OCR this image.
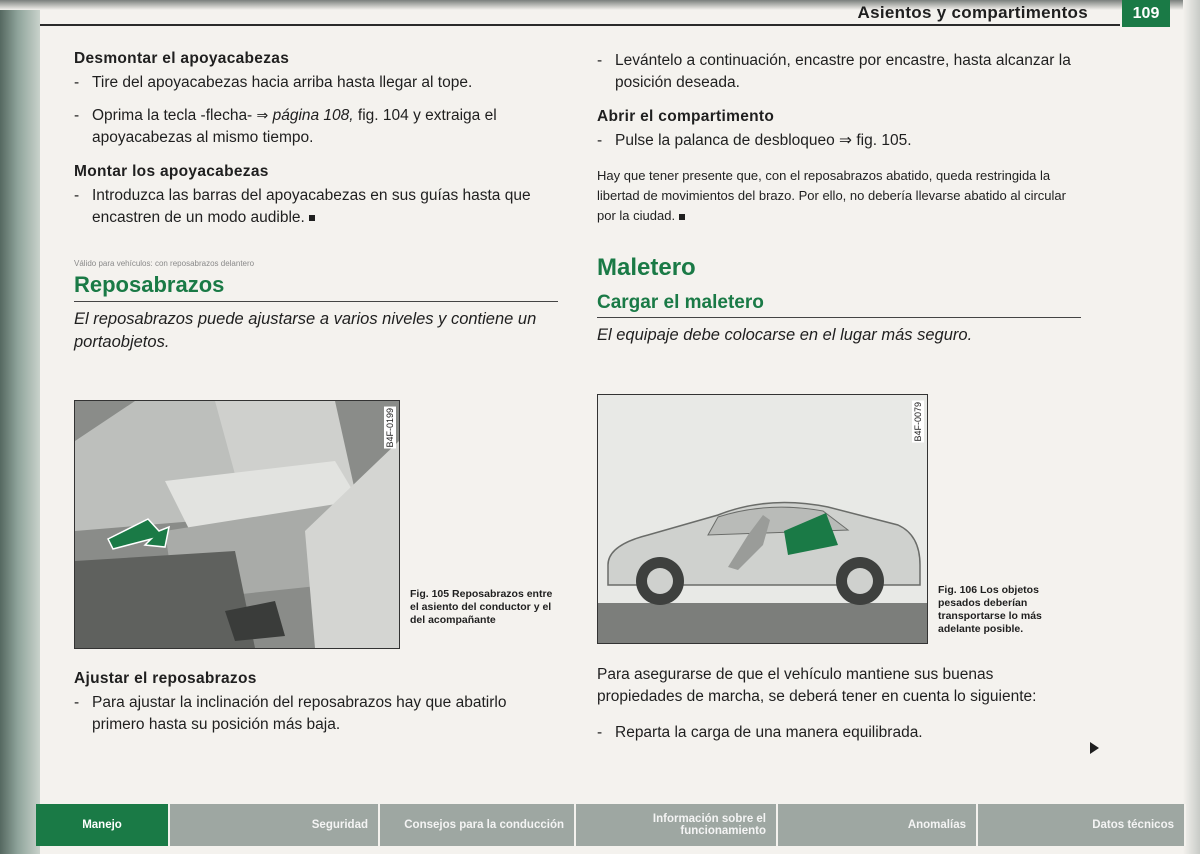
Asientos y compartimentos	109
Desmontar el apoyacabezas

- Tire del apoyacabezas hacia arriba hasta llegar al tope.

- Oprima la tecla -flecha- ⇒ página 108, fig. 104 y extraiga el apoyacabezas al mismo tiempo.

Montar los apoyacabezas

- Introduzca las barras del apoyacabezas en sus guías hasta que encastren de un modo audible.

Válido para vehículos: con reposabrazos delantero

Reposabrazos

El reposabrazos puede ajustarse a varios niveles y contiene un portaobjetos.

B4F-0199
Fig. 105 Reposabrazos entre el asiento del conductor y el del acompañante
Ajustar el reposabrazos

- Para ajustar la inclinación del reposabrazos hay que abatirlo primero hasta su posición más baja.

- Levántelo a continuación, encastre por encastre, hasta alcanzar la posición deseada.

Abrir el compartimento

- Pulse la palanca de desbloqueo ⇒ fig. 105.

Hay que tener presente que, con el reposabrazos abatido, queda restringida la libertad de movimientos del brazo. Por ello, no debería llevarse abatido al circular por la ciudad.

Maletero
Cargar el maletero

El equipaje debe colocarse en el lugar más seguro.

B4F-0079
Fig. 106 Los objetos pesados deberían transportarse lo más adelante posible.

Para asegurarse de que el vehículo mantiene sus buenas propiedades de marcha, se deberá tener en cuenta lo siguiente:

- Reparta la carga de una manera equilibrada.

Manejo	Seguridad	Consejos para la conducción	Información sobre el funcionamiento	Anomalías	Datos técnicos
